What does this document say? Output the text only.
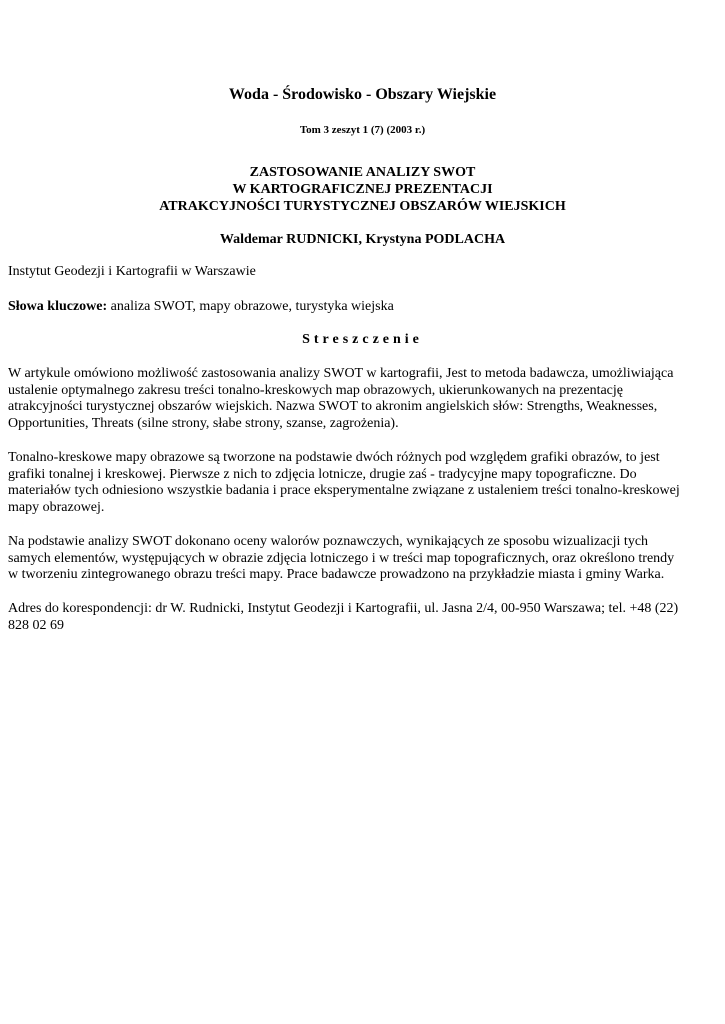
Woda - Środowisko - Obszary Wiejskie
Tom 3 zeszyt 1 (7) (2003 r.)
ZASTOSOWANIE ANALIZY SWOT
W KARTOGRAFICZNEJ PREZENTACJI
ATRAKCYJNOŚCI TURYSTYCZNEJ OBSZARÓW WIEJSKICH
Waldemar RUDNICKI, Krystyna PODLACHA
Instytut Geodezji i Kartografii w Warszawie
Słowa kluczowe: analiza SWOT, mapy obrazowe, turystyka wiejska
Streszczenie

W artykule omówiono możliwość zastosowania analizy SWOT w kartografii, Jest to metoda badawcza, umożliwiająca
ustalenie optymalnego zakresu treści tonalno-kreskowych map obrazowych, ukierunkowanych na prezentację
atrakcyjności turystycznej obszarów wiejskich. Nazwa SWOT to akronim angielskich słów: Strengths, Weaknesses,
Opportunities, Threats (silne strony, słabe strony, szanse, zagrożenia).

Tonalno-kreskowe mapy obrazowe są tworzone na podstawie dwóch różnych pod względem grafiki obrazów, to jest
grafiki tonalnej i kreskowej. Pierwsze z nich to zdjęcia lotnicze, drugie zaś - tradycyjne mapy topograficzne. Do
materiałów tych odniesiono wszystkie badania i prace eksperymentalne związane z ustaleniem treści tonalno-kreskowej
mapy obrazowej.

Na podstawie analizy SWOT dokonano oceny walorów poznawczych, wynikających ze sposobu wizualizacji tych
samych elementów, występujących w obrazie zdjęcia lotniczego i w treści map topograficznych, oraz określono trendy
w tworzeniu zintegrowanego obrazu treści mapy. Prace badawcze prowadzono na przykładzie miasta i gminy Warka.

Adres do korespondencji: dr W. Rudnicki, Instytut Geodezji i Kartografii, ul. Jasna 2/4, 00-950 Warszawa; tel. +48 (22)
828 02 69
